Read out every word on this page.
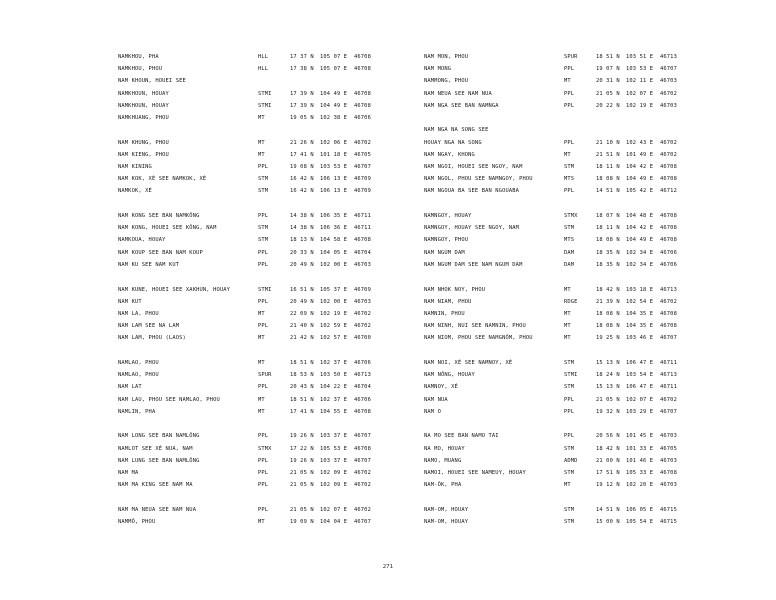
NAMKHOU, PHA	HLL	17 37 N 105 07 E 46708
NAMKHOU, PHOU	HLL	17 38 N 105 07 E 46708
NAM KHOUN, HOUEI SEE
NAMKHOUN, HOUAY	STMI	17 39 N 104 49 E 46708
NAMKHOUN, HOUAY	STMI	17 39 N 104 49 E 46708
NAMKHUANG, PHOU	MT	19 05 N 102 38 E 46706
NAM KHUNG, PHOU	MT	21 26 N 102 06 E 46702
NAM KIENG, PHOU	MT	17 41 N 101 18 E 46705
NAM KINING	PPL	19 08 N 103 53 E 46707
NAM KOK, XÉ SEE NAMKOK, XÉ	STM	16 42 N 106 13 E 46709
NAMKOK, XÉ	STM	16 42 N 106 13 E 46709
NAM KONG SEE BAN NAMKÔNG	PPL	14 38 N 106 35 E 46711
NAM KONG, HOUEI SEE KÔNG, NAM	STM	14 38 N 106 36 E 46711
NAMKOUA, HOUAY	STM	18 13 N 104 58 E 46708
NAM KOUP SEE BAN NAM KOUP	PPL	20 33 N 104 05 E 46704
NAM KU SEE NAM KUT	PPL	20 49 N 102 00 E 46703
NAM KUNE, HOUEI SEE XAKHUN, HOUAY	STMI	16 51 N 105 37 E 46709
NAM KUT	PPL	20 49 N 102 00 E 46703
NAM LA, PHOU	MT	22 09 N 102 19 E 46702
NAM LAM SEE NA LAM	PPL	21 40 N 102 59 E 46702
NAM LAM, PHOU (LAOS)	MT	21 42 N 102 57 E 46700
NAMLAO, PHOU	MT	18 51 N 102 37 E 46706
NAMLAO, PHOU	SPUR	18 53 N 103 50 E 46713
NAM LAT	PPL	20 43 N 104 22 E 46704
NAM LAU, PHOU SEE NAMLAO, PHOU	MT	18 51 N 102 37 E 46706
NAMLIN, PHA	MT	17 41 N 104 55 E 46708
NAM LONG SEE BAN NAMLÔNG	PPL	19 26 N 103 37 E 46707
NAMLOT SEE XÉ NUA, NAM	STMX	17 22 N 105 53 E 46708
NAM LUNG SEE BAN NAMLÔNG	PPL	19 26 N 103 37 E 46707
NAM MA	PPL	21 05 N 102 09 E 46702
NAM MA KING SEE NAM MA	PPL	21 05 N 102 09 E 46702
NAM MA NEUA SEE NAM NUA	PPL	21 05 N 102 07 E 46702
NAMMÔ, PHOU	MT	19 09 N 104 04 E 46707
NAM MON, PHOU	SPUR	18 51 N 103 51 E 46713
NAM MONG	PPL	19 07 N 103 53 E 46707
NAMMONG, PHOU	MT	20 31 N 102 11 E 46703
NAM NEUA SEE NAM NUA	PPL	21 05 N 102 07 E 46702
NAM NGA SEE BAN NAMNGA	PPL	20 22 N 102 19 E 46703
NAM NGA NA SONG SEE
HOUAY NGA NA SONG	PPL	21 10 N 102 43 E 46702
NAM NGAY, KHONG	MT	21 51 N 101 49 E 46702
NAM NGOI, HOUEI SEE NGOY, NAM	STM	18 11 N 104 42 E 46708
NAM NGOL, PHOU SEE NAMNGOY, PHOU	MTS	18 08 N 104 49 E 46708
NAM NGOUA BA SEE BAN NGOUABA	PPL	14 51 N 105 42 E 46712
NAMNGOY, HOUAY	STMX	18 07 N 104 48 E 46708
NAMNGOY, HOUAY SEE NGOY, NAM	STM	18 11 N 104 42 E 46708
NAMNGOY, PHOU	MTS	18 08 N 104 49 E 46708
NAM NGUM DAM	DAM	18 35 N 102 34 E 46706
NAM NGUM DAM SEE NAM NGUM DAM	DAM	18 35 N 102 34 E 46706
NAM NHOK NOY, PHOU	MT	18 42 N 103 18 E 46713
NAM NIAM, PHOU	RDGE	21 39 N 102 54 E 46702
NAMNIN, PHOU	MT	18 08 N 104 35 E 46708
NAM NINH, NUI SEE NAMNIN, PHOU	MT	18 08 N 104 35 E 46708
NAM NIOM, PHOU SEE NAMGNÔM, PHOU	MT	19 25 N 103 46 E 46707
NAM NOI, XÉ SEE NAMNOY, XÉ	STM	15 13 N 106 47 E 46711
NAM NÔNG, HOUAY	STMI	18 24 N 103 54 E 46713
NAMNOY, XÉ	STM	15 13 N 106 47 E 46711
NAM NUA	PPL	21 05 N 102 07 E 46702
NAM O	PPL	19 32 N 103 29 E 46707
NA MO SEE BAN NAMO TAI	PPL	20 56 N 101 45 E 46703
NA MO, HOUAY	STM	18 42 N 101 33 E 46705
NAMO, MUANG	ADMD	21 00 N 101 46 E 46703
NAMOI, HOUEI SEE NAMEUY, HOUAY	STM	17 51 N 105 33 E 46708
NAM-ÔK, PHA	MT	19 12 N 102 20 E 46703
NAM-OM, HOUAY	STM	14 51 N 106 05 E 46715
NAM-OM, HOUAY	STM	15 00 N 105 54 E 46715
271
